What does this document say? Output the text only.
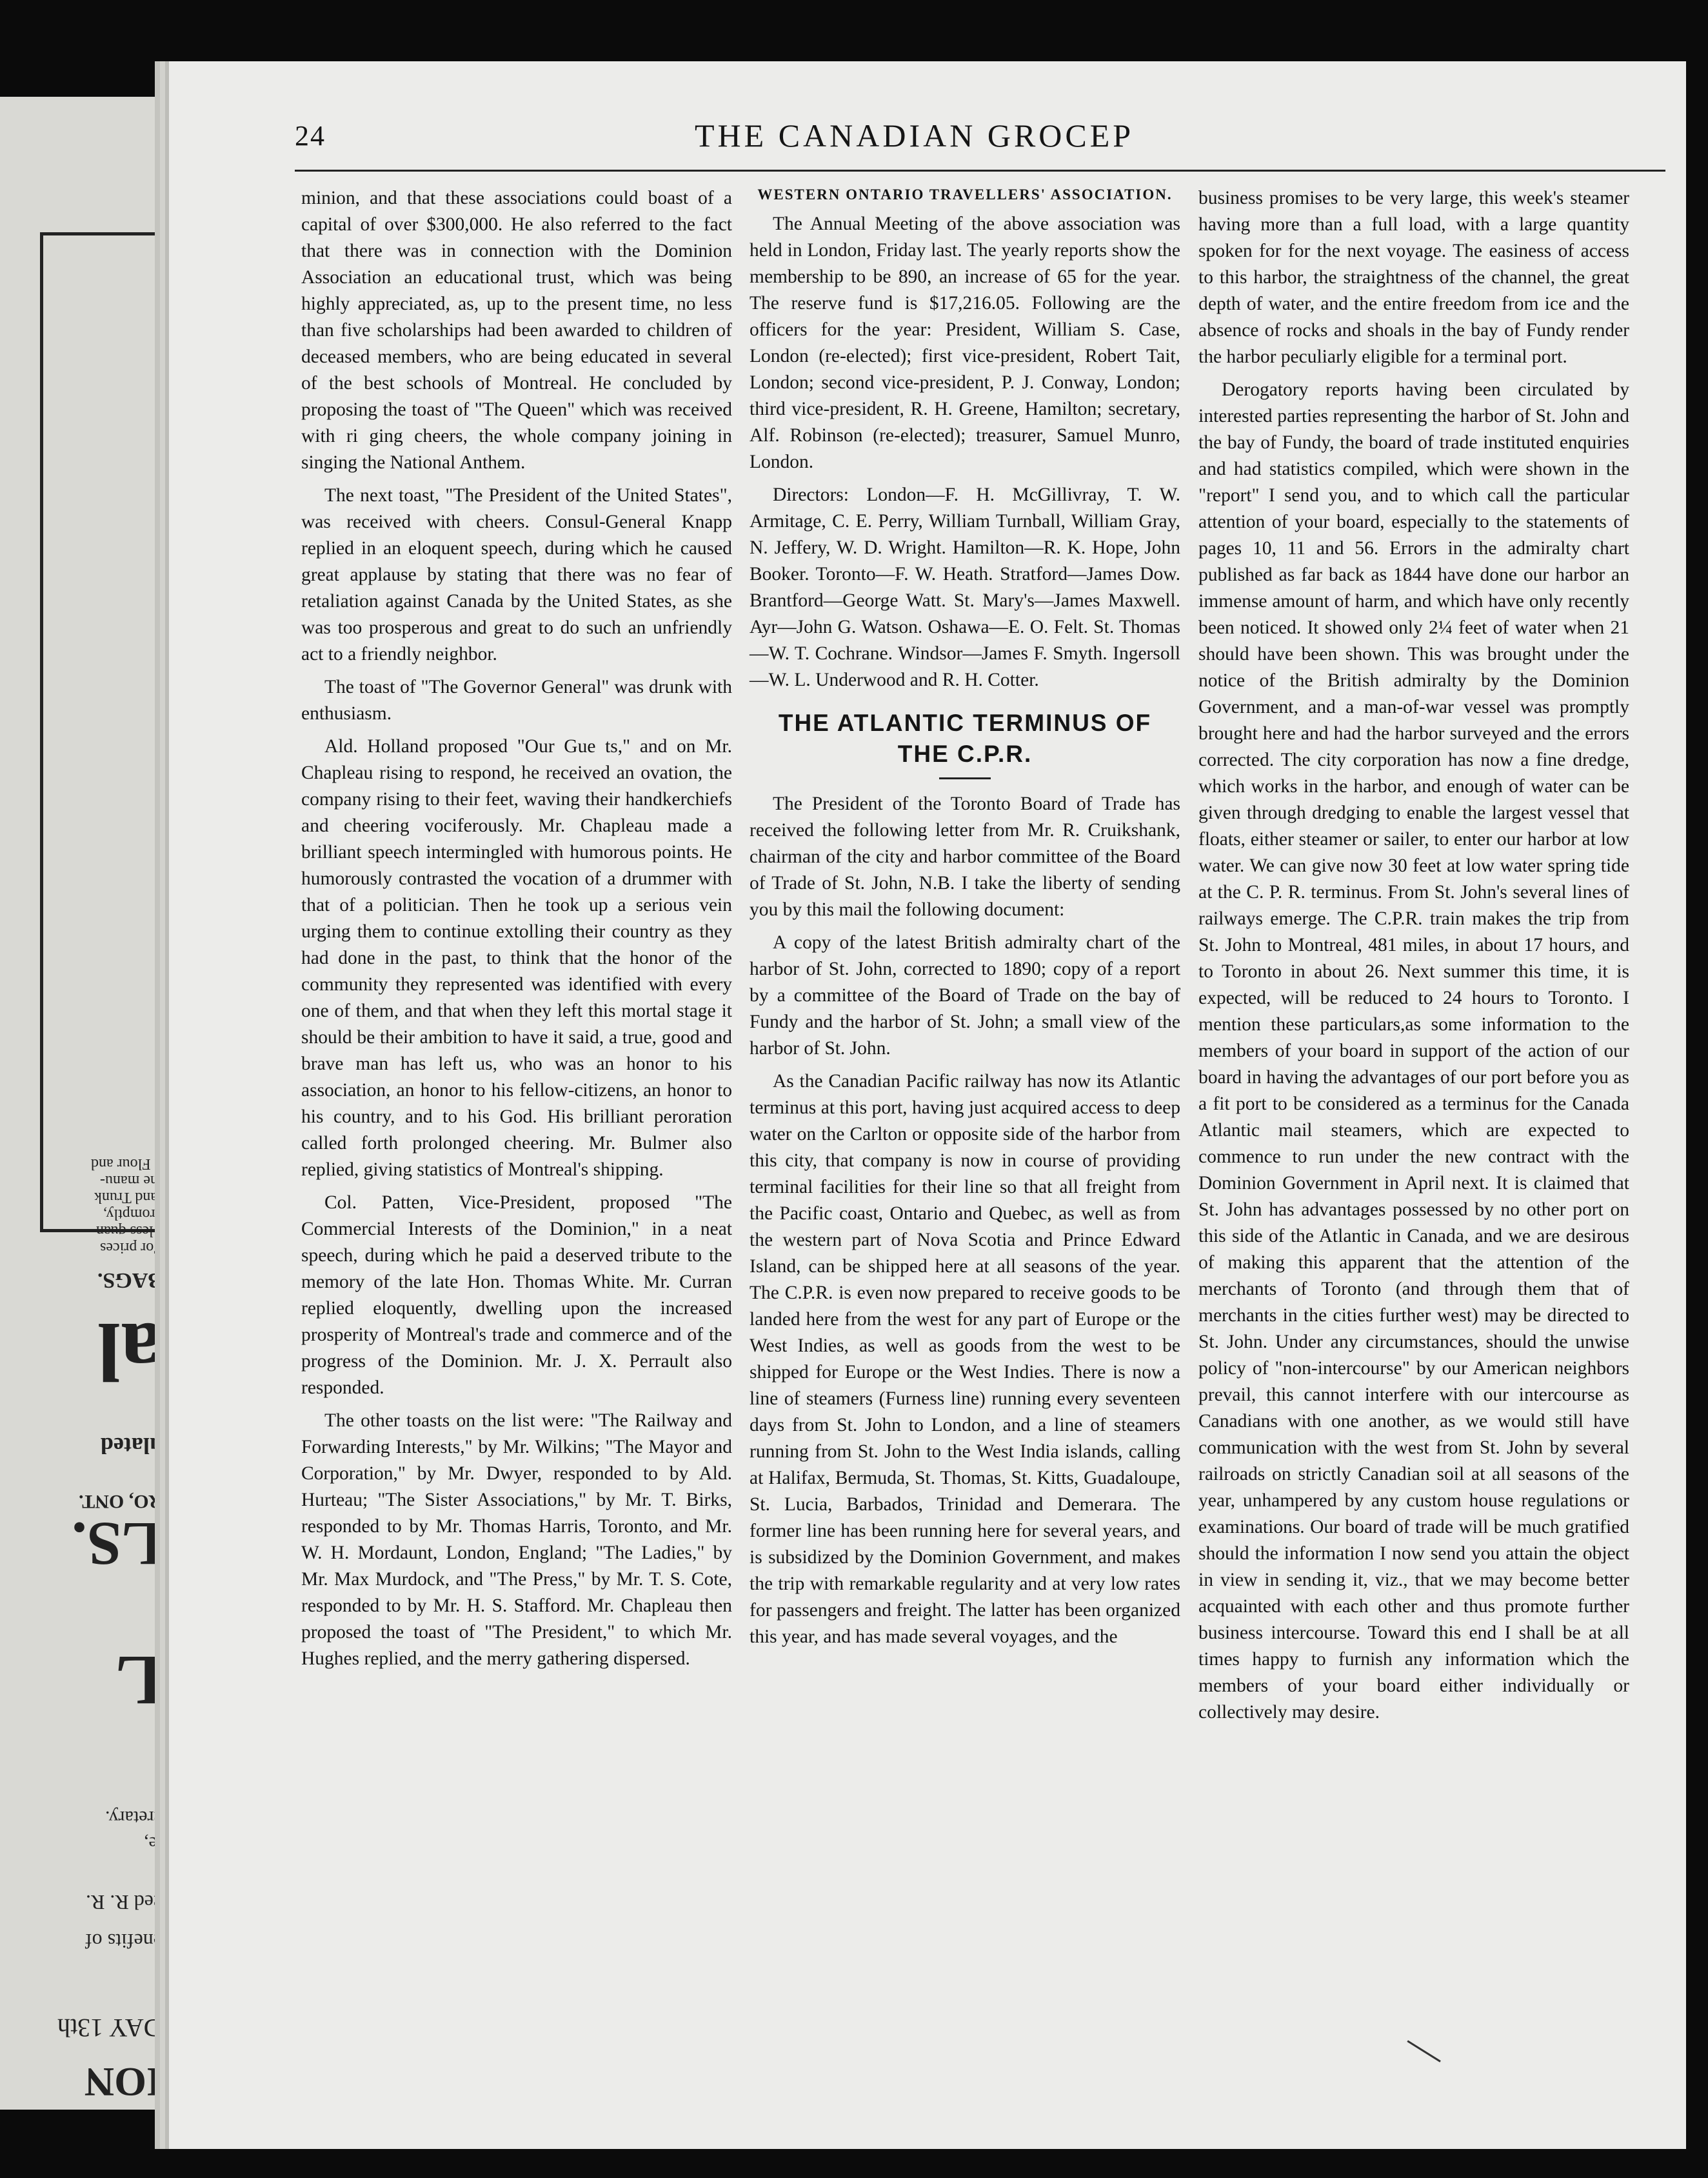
n Flour and
the manu-
rand Trunk
promptly,
r less quan-
For prices
BAGS.
al
ulated
RO, ONT.
LS.
L
cretary.
le,
ced R. R.
enefits of
DAY 13th
ION
24	THE CANADIAN GROCEP

minion, and that these associations could boast of a capital of over $300,000. He also referred to the fact that there was in connection with the Dominion Association an educational trust, which was being highly appreciated, as, up to the present time, no less than five scholarships had been awarded to children of deceased members, who are being educated in several of the best schools of Montreal. He concluded by proposing the toast of "The Queen" which was received with ri ging cheers, the whole company joining in singing the National Anthem.

The next toast, "The President of the United States", was received with cheers. Consul-General Knapp replied in an eloquent speech, during which he caused great applause by stating that there was no fear of retaliation against Canada by the United States, as she was too prosperous and great to do such an unfriendly act to a friendly neighbor.

The toast of "The Governor General" was drunk with enthusiasm.

Ald. Holland proposed "Our Gue ts," and on Mr. Chapleau rising to respond, he received an ovation, the company rising to their feet, waving their handkerchiefs and cheering vociferously. Mr. Chapleau made a brilliant speech intermingled with humorous points. He humorously contrasted the vocation of a drummer with that of a politician. Then he took up a serious vein urging them to continue extolling their country as they had done in the past, to think that the honor of the community they represented was identified with every one of them, and that when they left this mortal stage it should be their ambition to have it said, a true, good and brave man has left us, who was an honor to his association, an honor to his fellow-citizens, an honor to his country, and to his God. His brilliant peroration called forth prolonged cheering. Mr. Bulmer also replied, giving statistics of Montreal's shipping.

Col. Patten, Vice-President, proposed "The Commercial Interests of the Dominion," in a neat speech, during which he paid a deserved tribute to the memory of the late Hon. Thomas White. Mr. Curran replied eloquently, dwelling upon the increased prosperity of Montreal's trade and commerce and of the progress of the Dominion. Mr. J. X. Perrault also responded.

The other toasts on the list were: "The Railway and Forwarding Interests," by Mr. Wilkins; "The Mayor and Corporation," by Mr. Dwyer, responded to by Ald. Hurteau; "The Sister Associations," by Mr. T. Birks, responded to by Mr. Thomas Harris, Toronto, and Mr. W. H. Mordaunt, London, England; "The Ladies," by Mr. Max Murdock, and "The Press," by Mr. T. S. Cote, responded to by Mr. H. S. Stafford. Mr. Chapleau then proposed the toast of "The President," to which Mr. Hughes replied, and the merry gathering dispersed.

WESTERN ONTARIO TRAVELLERS' ASSOCIATION.

The Annual Meeting of the above association was held in London, Friday last. The yearly reports show the membership to be 890, an increase of 65 for the year. The reserve fund is $17,216.05. Following are the officers for the year: President, William S. Case, London (re-elected); first vice-president, Robert Tait, London; second vice-president, P. J. Conway, London; third vice-president, R. H. Greene, Hamilton; secretary, Alf. Robinson (re-elected); treasurer, Samuel Munro, London.

Directors: London—F. H. McGillivray, T. W. Armitage, C. E. Perry, William Turnball, William Gray, N. Jeffery, W. D. Wright. Hamilton—R. K. Hope, John Booker. Toronto—F. W. Heath. Stratford—James Dow. Brantford—George Watt. St. Mary's—James Maxwell. Ayr—John G. Watson. Oshawa—E. O. Felt. St. Thomas—W. T. Cochrane. Windsor—James F. Smyth. Ingersoll—W. L. Underwood and R. H. Cotter.

THE ATLANTIC TERMINUS OF
THE C.P.R.

The President of the Toronto Board of Trade has received the following letter from Mr. R. Cruikshank, chairman of the city and harbor committee of the Board of Trade of St. John, N.B. I take the liberty of sending you by this mail the following document:

A copy of the latest British admiralty chart of the harbor of St. John, corrected to 1890; copy of a report by a committee of the Board of Trade on the bay of Fundy and the harbor of St. John; a small view of the harbor of St. John.

As the Canadian Pacific railway has now its Atlantic terminus at this port, having just acquired access to deep water on the Carlton or opposite side of the harbor from this city, that company is now in course of providing terminal facilities for their line so that all freight from the Pacific coast, Ontario and Quebec, as well as from the western part of Nova Scotia and Prince Edward Island, can be shipped here at all seasons of the year. The C.P.R. is even now prepared to receive goods to be landed here from the west for any part of Europe or the West Indies, as well as goods from the west to be shipped for Europe or the West Indies. There is now a line of steamers (Furness line) running every seventeen days from St. John to London, and a line of steamers running from St. John to the West India islands, calling at Halifax, Bermuda, St. Thomas, St. Kitts, Guadaloupe, St. Lucia, Barbados, Trinidad and Demerara. The former line has been running here for several years, and is subsidized by the Dominion Government, and makes the trip with remarkable regularity and at very low rates for passengers and freight. The latter has been organized this year, and has made several voyages, and the

business promises to be very large, this week's steamer having more than a full load, with a large quantity spoken for for the next voyage. The easiness of access to this harbor, the straightness of the channel, the great depth of water, and the entire freedom from ice and the absence of rocks and shoals in the bay of Fundy render the harbor peculiarly eligible for a terminal port.

Derogatory reports having been circulated by interested parties representing the harbor of St. John and the bay of Fundy, the board of trade instituted enquiries and had statistics compiled, which were shown in the "report" I send you, and to which call the particular attention of your board, especially to the statements of pages 10, 11 and 56. Errors in the admiralty chart published as far back as 1844 have done our harbor an immense amount of harm, and which have only recently been noticed. It showed only 2¼ feet of water when 21 should have been shown. This was brought under the notice of the British admiralty by the Dominion Government, and a man-of-war vessel was promptly brought here and had the harbor surveyed and the errors corrected. The city corporation has now a fine dredge, which works in the harbor, and enough of water can be given through dredging to enable the largest vessel that floats, either steamer or sailer, to enter our harbor at low water. We can give now 30 feet at low water spring tide at the C. P. R. terminus. From St. John's several lines of railways emerge. The C.P.R. train makes the trip from St. John to Montreal, 481 miles, in about 17 hours, and to Toronto in about 26. Next summer this time, it is expected, will be reduced to 24 hours to Toronto. I mention these particulars,as some information to the members of your board in support of the action of our board in having the advantages of our port before you as a fit port to be considered as a terminus for the Canada Atlantic mail steamers, which are expected to commence to run under the new contract with the Dominion Government in April next. It is claimed that St. John has advantages possessed by no other port on this side of the Atlantic in Canada, and we are desirous of making this apparent that the attention of the merchants of Toronto (and through them that of merchants in the cities further west) may be directed to St. John. Under any circumstances, should the unwise policy of "non-intercourse" by our American neighbors prevail, this cannot interfere with our intercourse as Canadians with one another, as we would still have communication with the west from St. John by several railroads on strictly Canadian soil at all seasons of the year, unhampered by any custom house regulations or examinations. Our board of trade will be much gratified should the information I now send you attain the object in view in sending it, viz., that we may become better acquainted with each other and thus promote further business intercourse. Toward this end I shall be at all times happy to furnish any information which the members of your board either individually or collectively may desire.
